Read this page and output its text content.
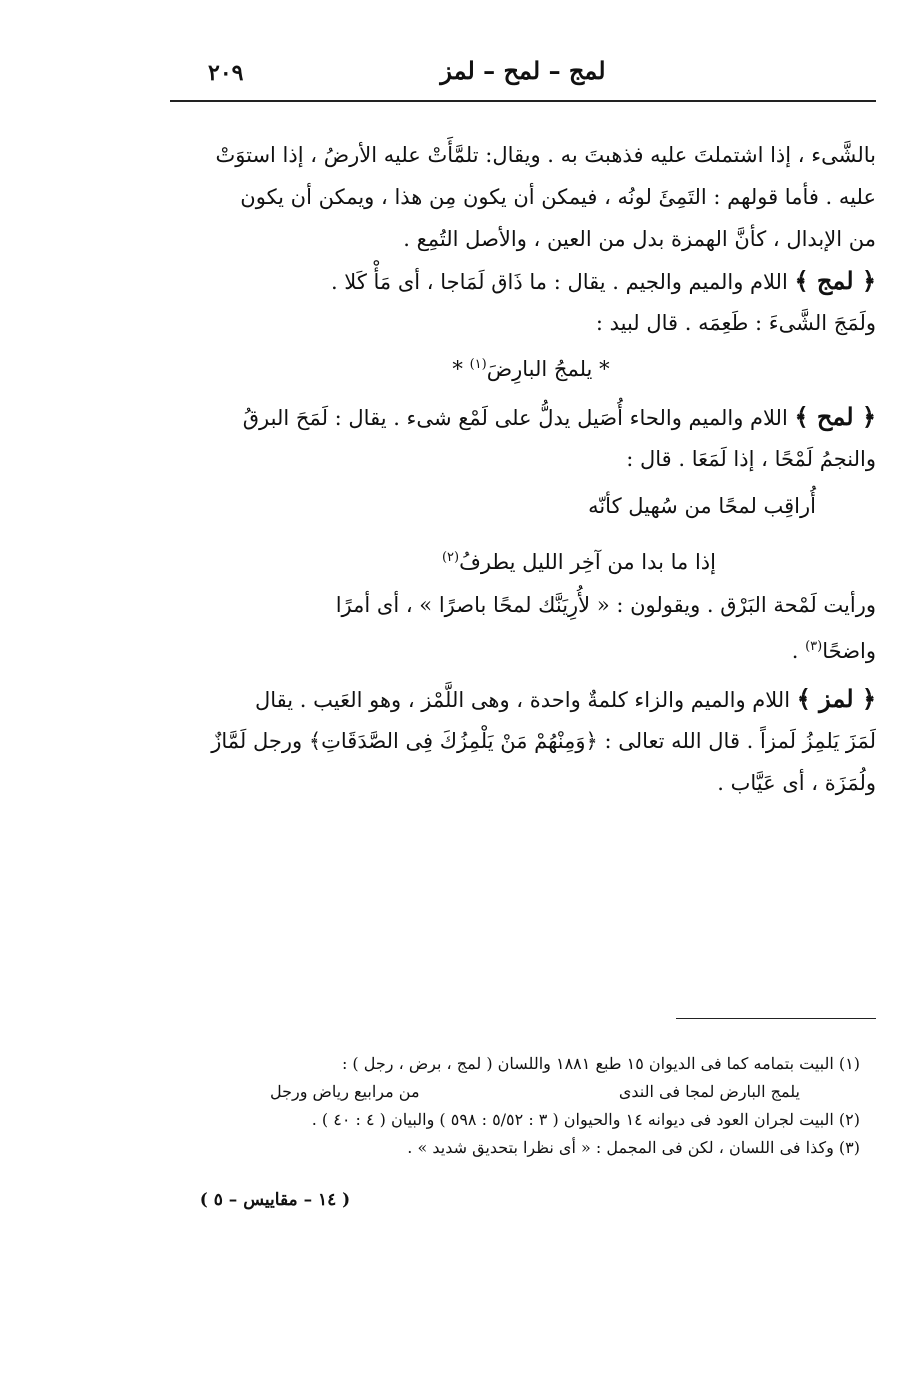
لمج – لمح – لمز
٢٠٩
بالشَّىء ، إذا اشتملتَ عليه فذهبتَ به . ويقال: تلمَّأَتْ عليه الأرضُ ، إذا استوَتْ
عليه . فأما قولهم : التَمِئَ لونُه ، فيمكن أن يكون مِن هذا ، ويمكن أن يكون
من الإبدال ، كأنَّ الهمزة بدل من العين ، والأصل التُمِع .
﴿ لمج ﴾ اللام والميم والجيم . يقال : ما ذَاق لَمَاجا ، أى مَأْ كَلا .
ولَمَجَ الشَّىءَ : طَعِمَه . قال لبيد :
* يلمجُ البارِضَ$^{(١)}$ *
﴿ لمح ﴾ اللام والميم والحاء أُصَيل يدلُّ على لَمْع شىء . يقال : لَمَحَ البرقُ
والنجمُ لَمْحًا ، إذا لَمَعَا . قال :
أُراقِب لمحًا من سُهيل كأنّه
إذا ما بدا من آخِر الليل يطرفُ$^{(٢)}$
ورأيت لَمْحة البَرْق . ويقولون : « لأُرِيَنَّك لمحًا باصرًا » ، أى أمرًا
واضحًا$^{(٣)}$ .
﴿ لمز ﴾ اللام والميم والزاء كلمةٌ واحدة ، وهى اللَّمْز ، وهو العَيب . يقال
لَمَزَ يَلمِزُ لَمزاً . قال الله تعالى : ﴿وَمِنْهُمْ مَنْ يَلْمِزُكَ فِى الصَّدَقَاتِ﴾ ورجل لَمَّازٌ
ولُمَزَة ، أى عَيَّاب .
(١) البيت بتمامه كما فى الديوان ١٥ طبع ١٨٨١ واللسان ( لمج ، برض ، رجل ) :
يلمج البارض لمجا فى الندى
من مرابيع رياض ورجل
(٢) البيت لجران العود فى ديوانه ١٤ والحيوان ( ٣ : ٥/٥٢ : ٥٩٨ ) والبيان ( ٤ : ٤٠ ) .
(٣) وكذا فى اللسان ، لكن فى المجمل : « أى نظرا بتحديق شديد » .
( ١٤ – مقاييس – ٥ )
